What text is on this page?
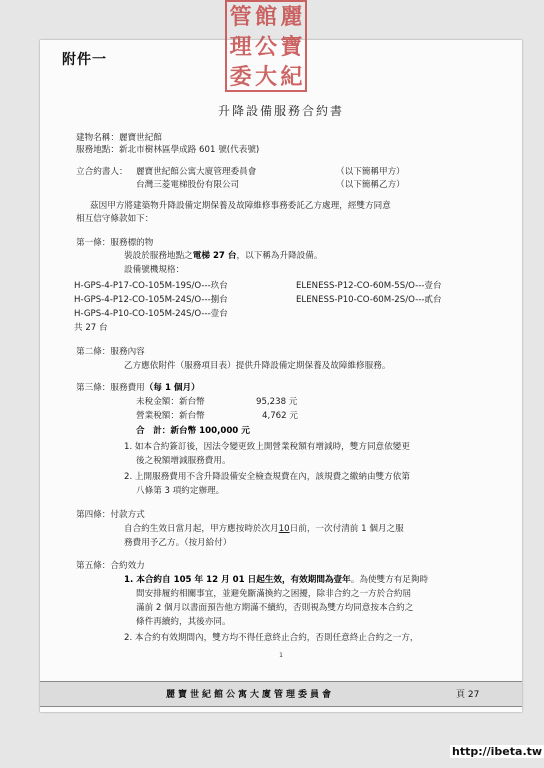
附件一
管 館 麗
理 公 寶
委 大 紀
升降設備服務合約書
建物名稱：麗寶世紀館
服務地點：新北市樹林區學成路 601 號(代表號)
立合約書人： 麗寶世紀館公寓大廈管理委員會	（以下簡稱甲方）
台灣三菱電梯股份有限公司	（以下簡稱乙方）
茲因甲方將建築物升降設備定期保養及故障維修事務委託乙方處理，經雙方同意
相互信守條款如下：
第一條：服務標的物
裝設於服務地點之電梯 27 台，以下稱為升降設備。
設備號機規格：
H-GPS-4-P17-CO-105M-19S/O---玖台	ELENESS-P12-CO-60M-5S/O---壹台
H-GPS-4-P12-CO-105M-24S/O---捌台	ELENESS-P10-CO-60M-2S/O---貳台
H-GPS-4-P10-CO-105M-24S/O---壹台
共 27 台
第二條：服務內容
乙方應依附件（服務項目表）提供升降設備定期保養及故障維修服務。
第三條：服務費用（每 1 個月）
未稅金額：新台幣	95,238 元
營業稅額：新台幣	4,762 元
合　計：新台幣 100,000 元
1. 如本合約簽訂後，因法令變更致上開營業稅額有增減時，雙方同意依變更
後之稅額增減服務費用。
2. 上開服務費用不含升降設備安全檢查規費在內，該規費之繳納由雙方依第
八條第 3 項約定辦理。
第四條：付款方式
自合約生效日當月起，甲方應按時於次月10日前，一次付清前 1 個月之服
務費用予乙方。（按月給付）
第五條：合約效力
1. 本合約自 105 年 12 月 01 日起生效，有效期間為壹年。為使雙方有足夠時
間安排履約相關事宜，並避免斷滿換約之困擾，除非合約之一方於合約屆
滿前 2 個月以書面預告他方期滿不續約，否則視為雙方均同意按本合約之
條件再續約，其後亦同。
2. 本合約有效期間內，雙方均不得任意終止合約，否則任意終止合約之一方，
1
麗寶世紀館公寓大廈管理委員會	頁 27
http://ibeta.tw
